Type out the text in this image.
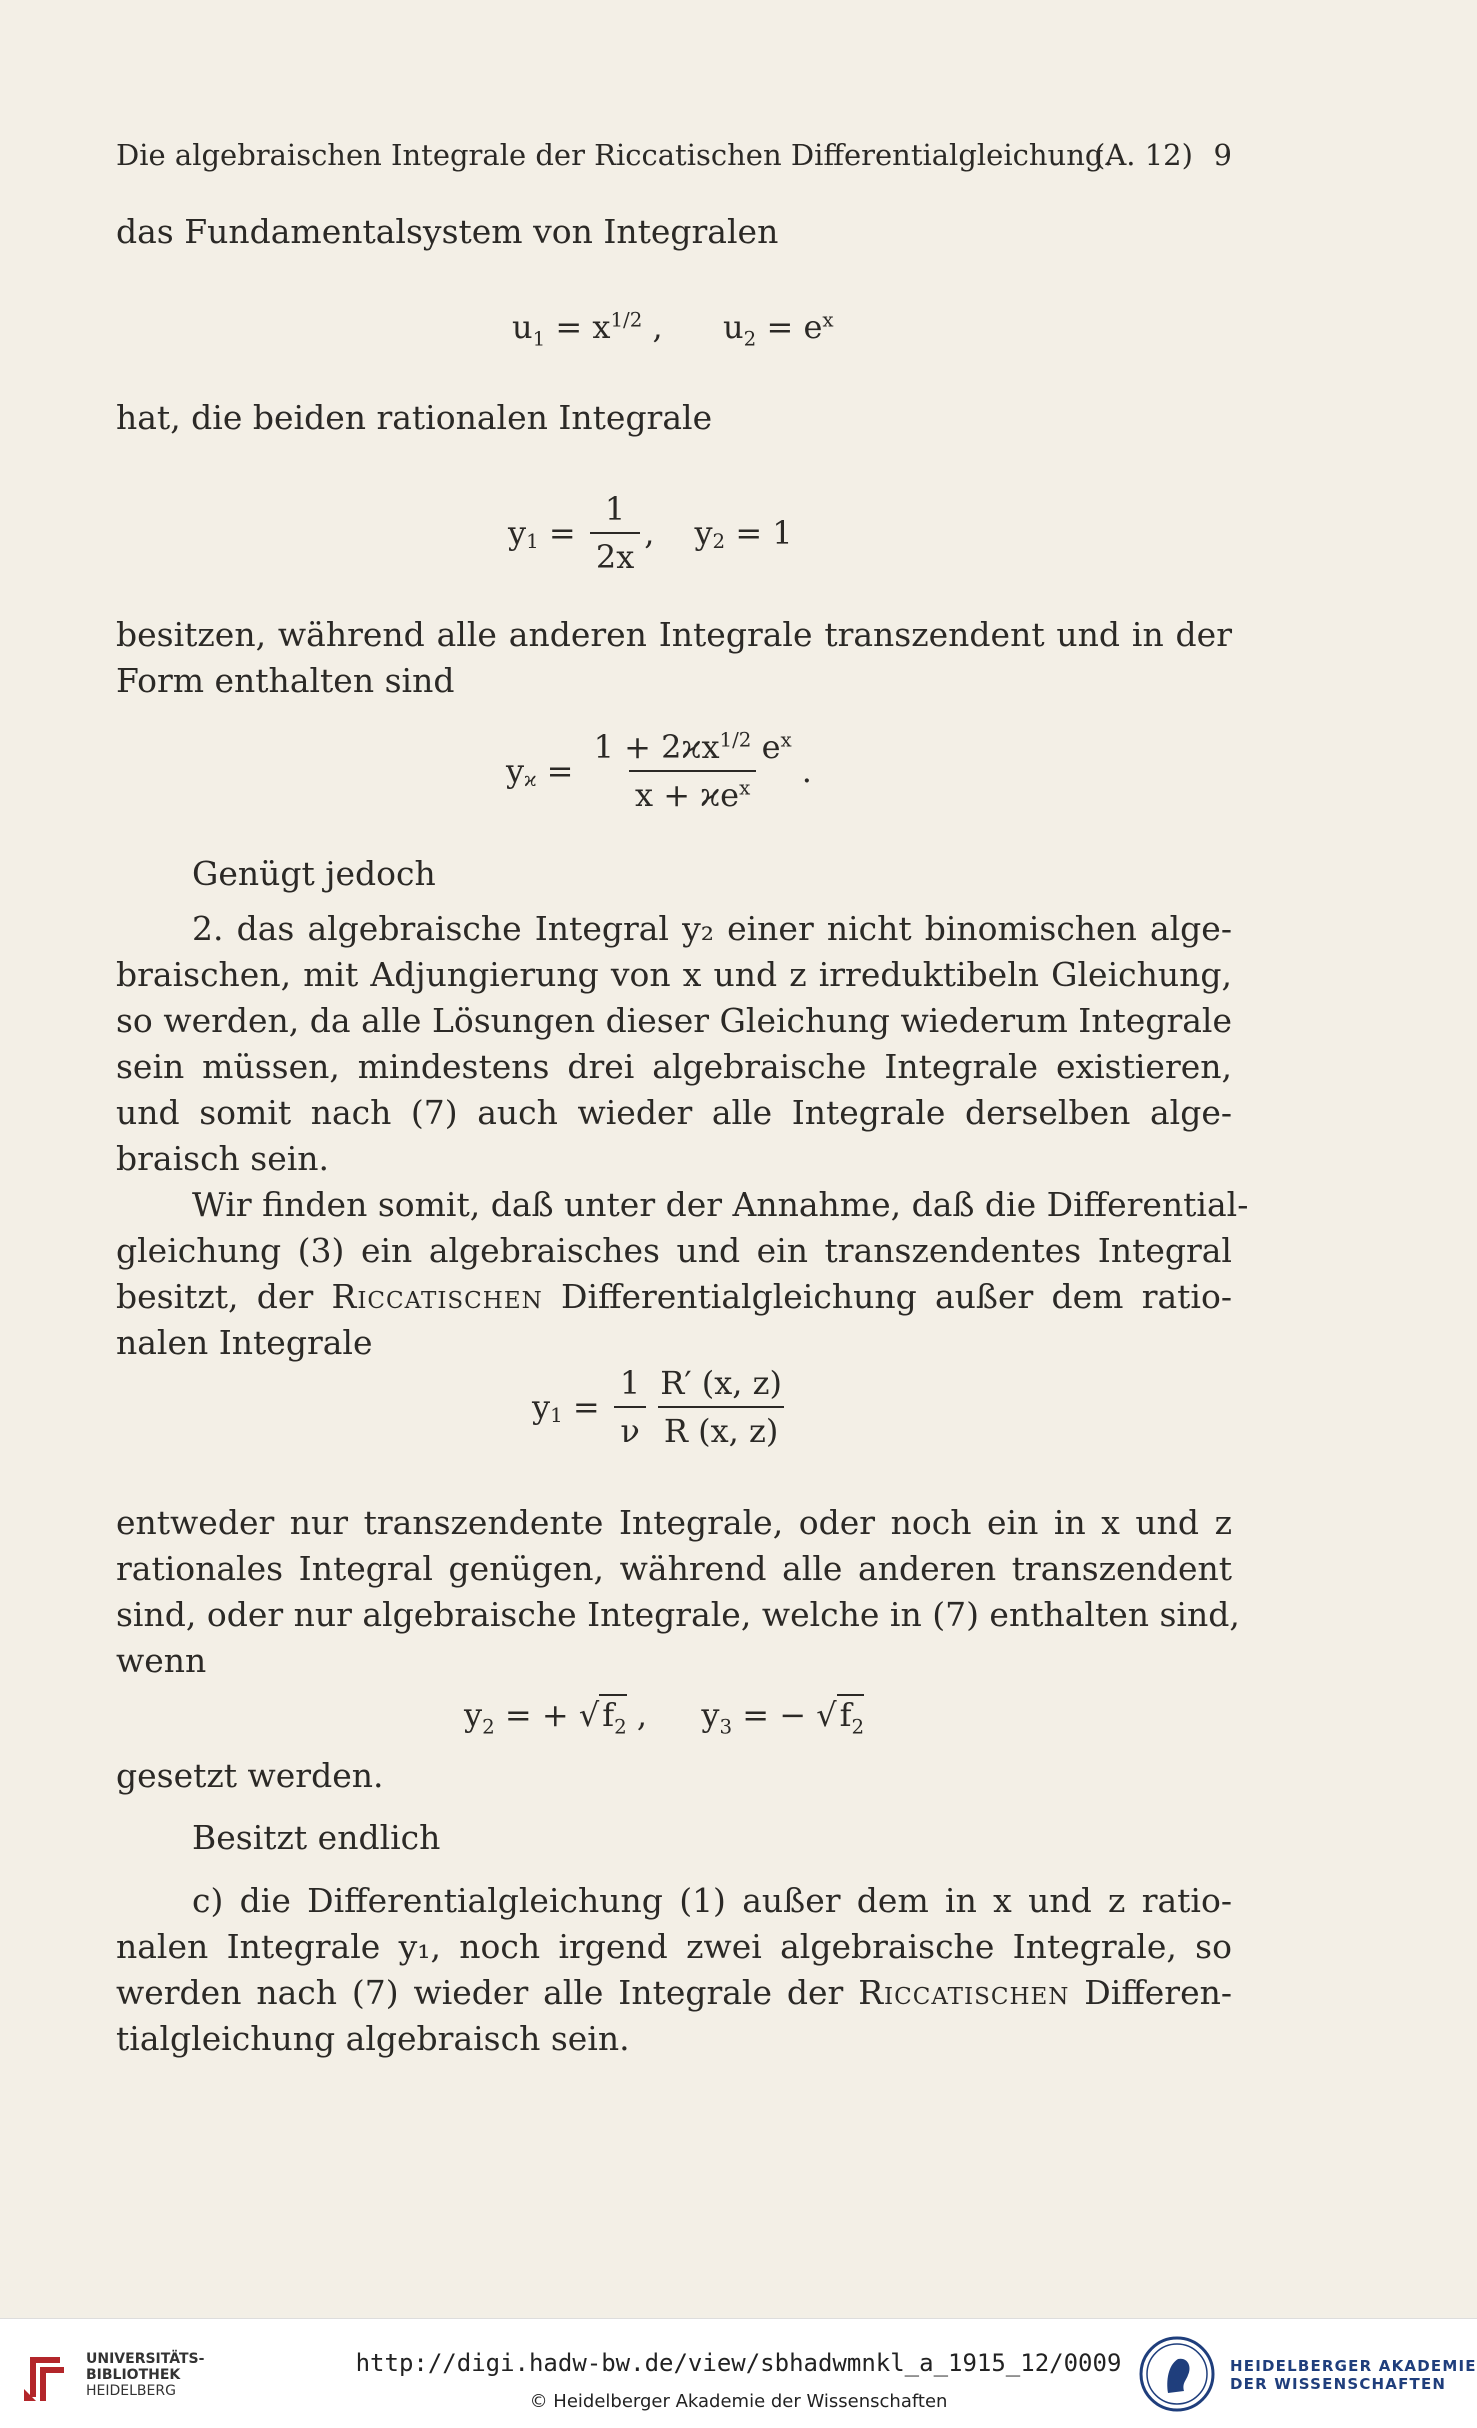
Die algebraischen Integrale der Riccatischen Differentialgleichung.
(A. 12) 9
das Fundamentalsystem von Integralen
$u_1 = x^{1/2}$ , $u_2 = e^x$
hat, die beiden rationalen Integrale
y $1 = \frac{1}{2x}$ , y 2 = 1
besitzen, während alle anderen Integrale transzendent und in der
Form enthalten sind
y $ϰ = \frac{1 + 2ϰx^{1/2} e^x}{x + ϰe^x}$ .
Genügt jedoch
2. das algebraische Integral y₂ einer nicht binomischen alge-
braischen, mit Adjungierung von x und z irreduktibeln Gleichung,
so werden, da alle Lösungen dieser Gleichung wiederum Integrale
sein müssen, mindestens drei algebraische Integrale existieren,
und somit nach (7) auch wieder alle Integrale derselben alge-
braisch sein.
Wir finden somit, daß unter der Annahme, daß die Differential-
gleichung (3) ein algebraisches und ein transzendentes Integral
besitzt, der Riccatischen Differentialgleichung außer dem ratio-
nalen Integrale
y $1 = \frac{1}{\nu} \frac{R' (x, z)}{R (x, z)}$
entweder nur transzendente Integrale, oder noch ein in x und z
rationales Integral genügen, während alle anderen transzendent
sind, oder nur algebraische Integrale, welche in (7) enthalten sind,
wenn
$y_2$ = + $√f_2$ , $y_3$ = − $√f_2$
gesetzt werden.
Besitzt endlich
c) die Differentialgleichung (1) außer dem in x und z ratio-
nalen Integrale y₁, noch irgend zwei algebraische Integrale, so
werden nach (7) wieder alle Integrale der Riccatischen Differen-
tialgleichung algebraisch sein.
UNIVERSITÄTS-
BIBLIOTHEK
HEIDELBERG
http://digi.hadw-bw.de/view/sbhadwmnkl_a_1915_12/0009
© Heidelberger Akademie der Wissenschaften
HEIDELBERGER AKADEMIE
DER WISSENSCHAFTEN
